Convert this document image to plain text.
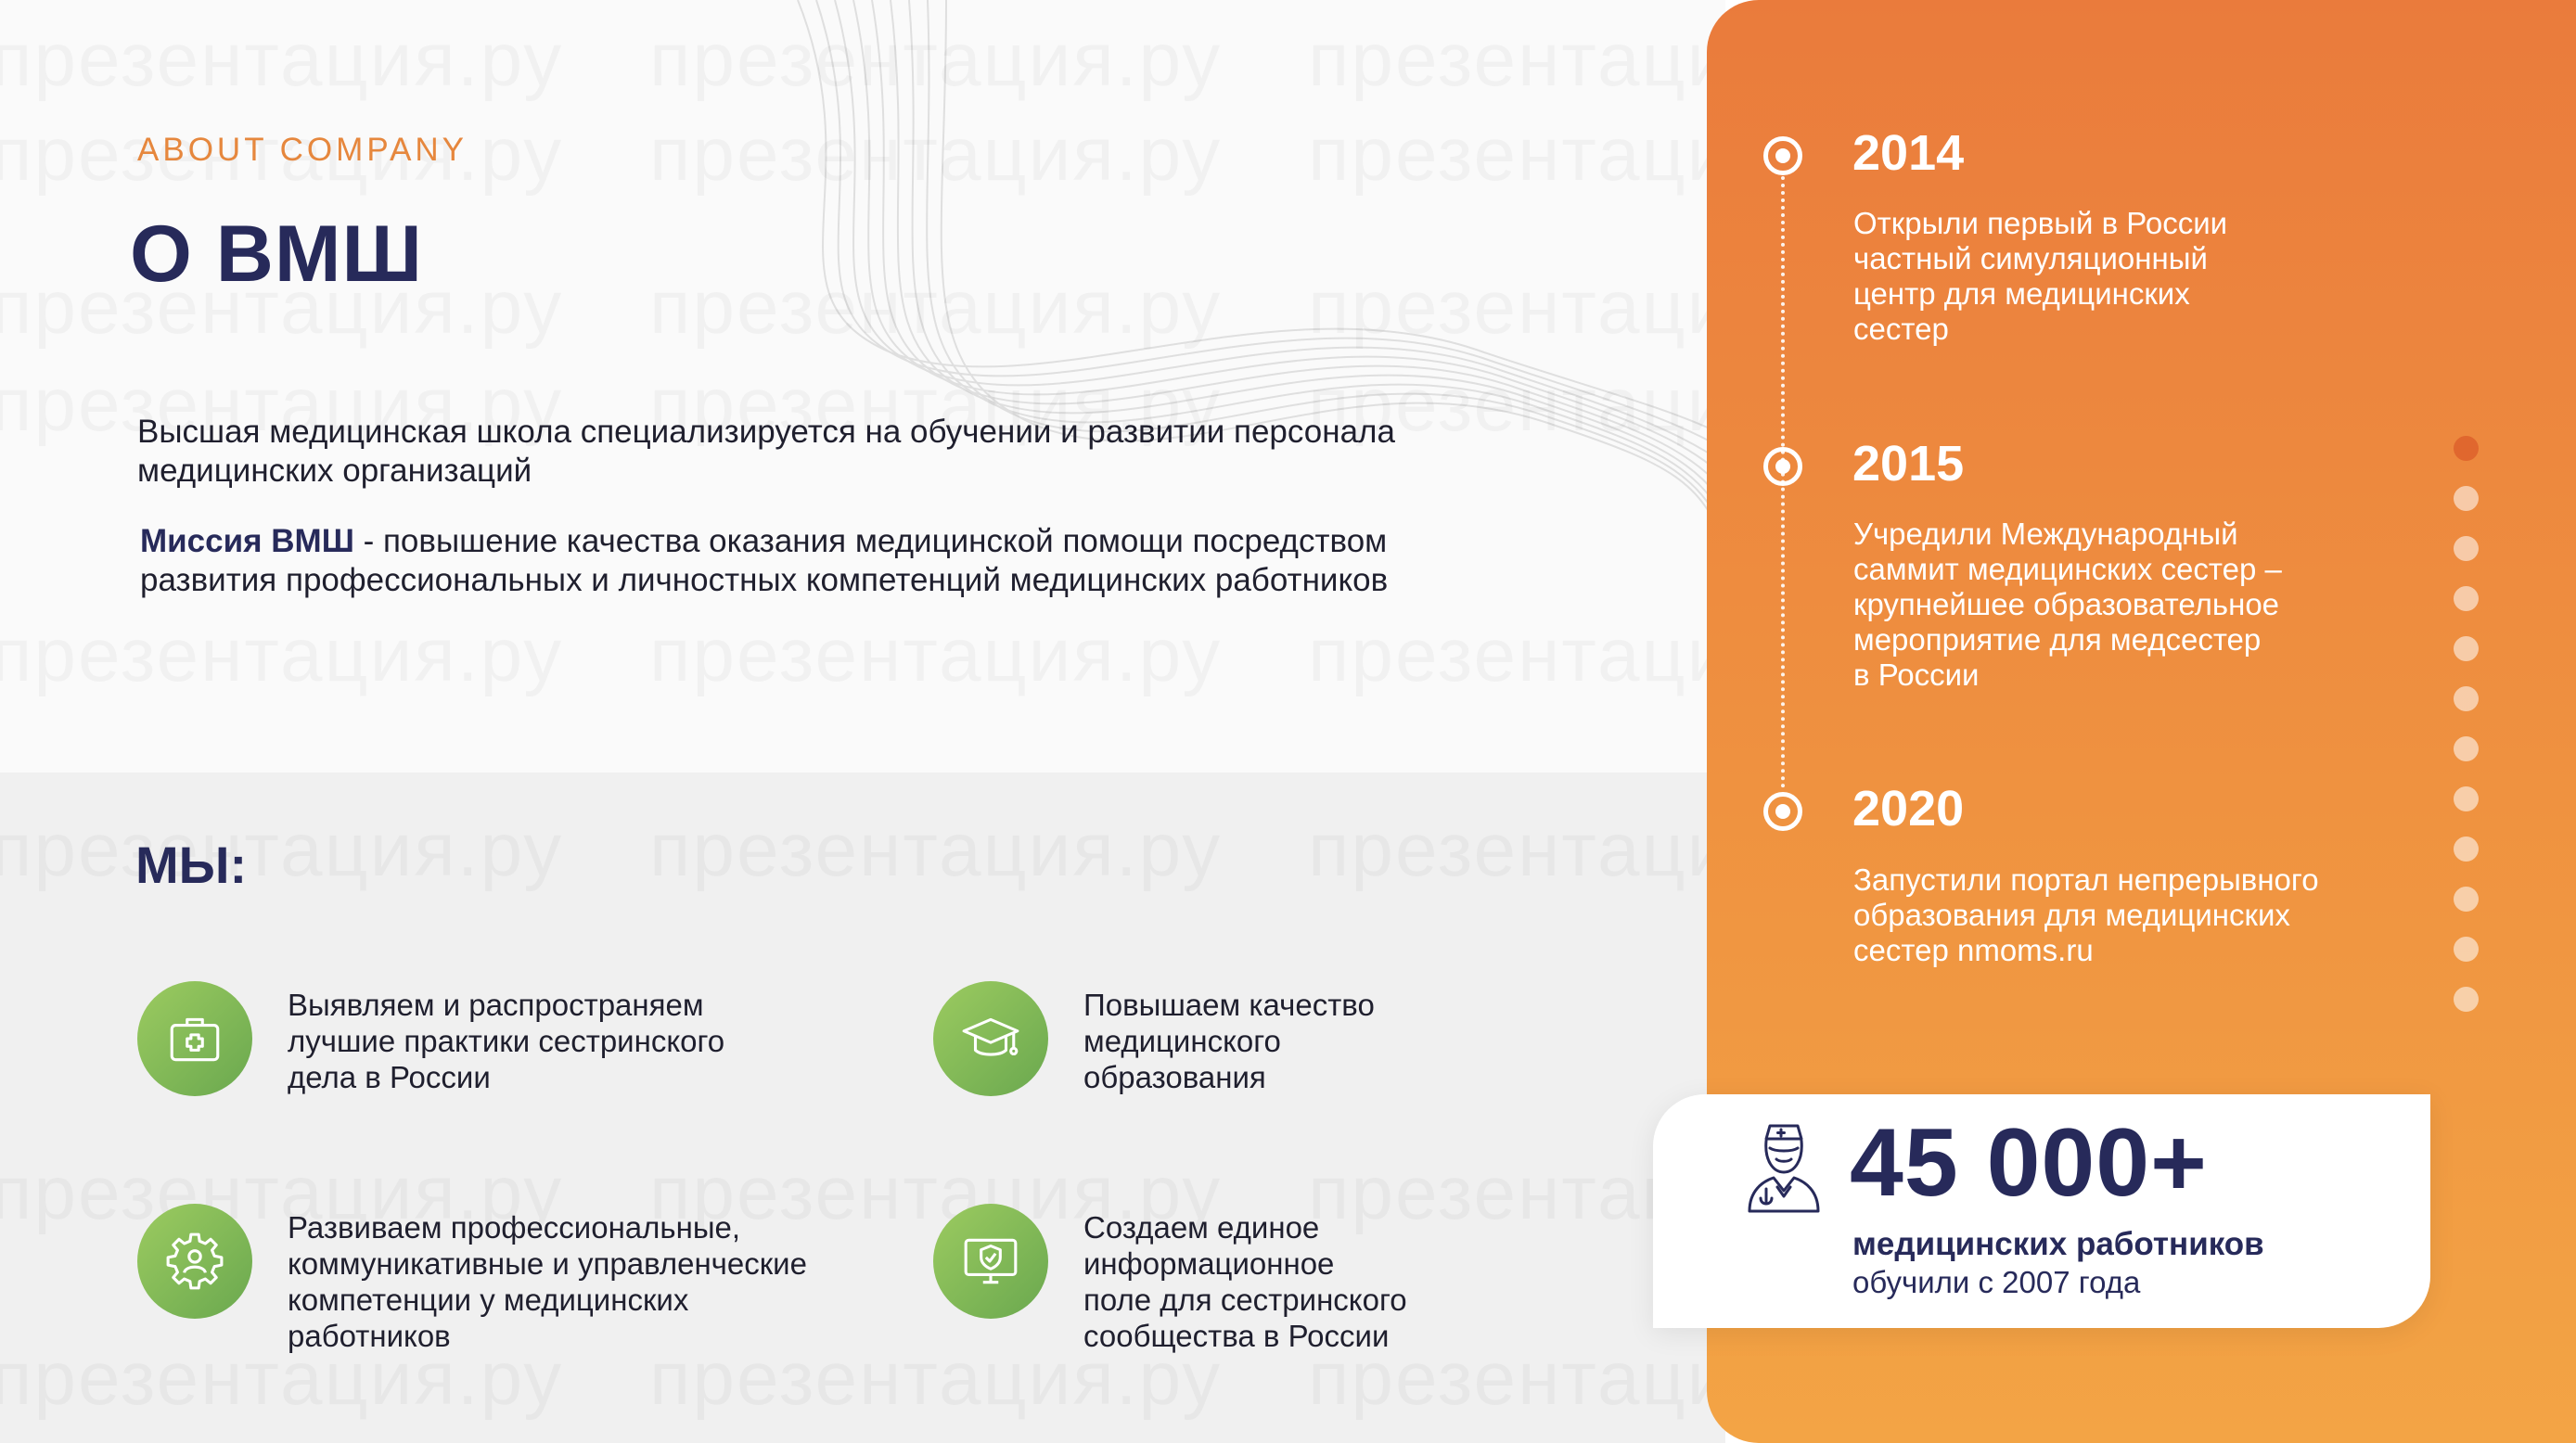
ABOUT COMPANY
О ВМШ
Высшая медицинская школа специализируется на обучении и развитии персонала медицинских организаций
Миссия ВМШ - повышение качества оказания медицинской помощи посредством развития профессиональных и личностных компетенций медицинских работников
МЫ:
Выявляем и распространяем
лучшие практики сестринского
дела в России
Повышаем качество
медицинского
образования
Развиваем профессиональные,
коммуникативные и управленческие
компетенции у медицинских
работников
Создаем единое
информационное
поле для сестринского
сообщества в России
2014
Открыли первый в России
частный симуляционный
центр для медицинских
сестер
2015
Учредили Международный
саммит медицинских сестер –
крупнейшее образовательное
мероприятие для медсестер
в России
2020
Запустили портал непрерывного
образования для медицинских
сестер nmoms.ru
45 000+
медицинских работников
обучили с 2007 года
